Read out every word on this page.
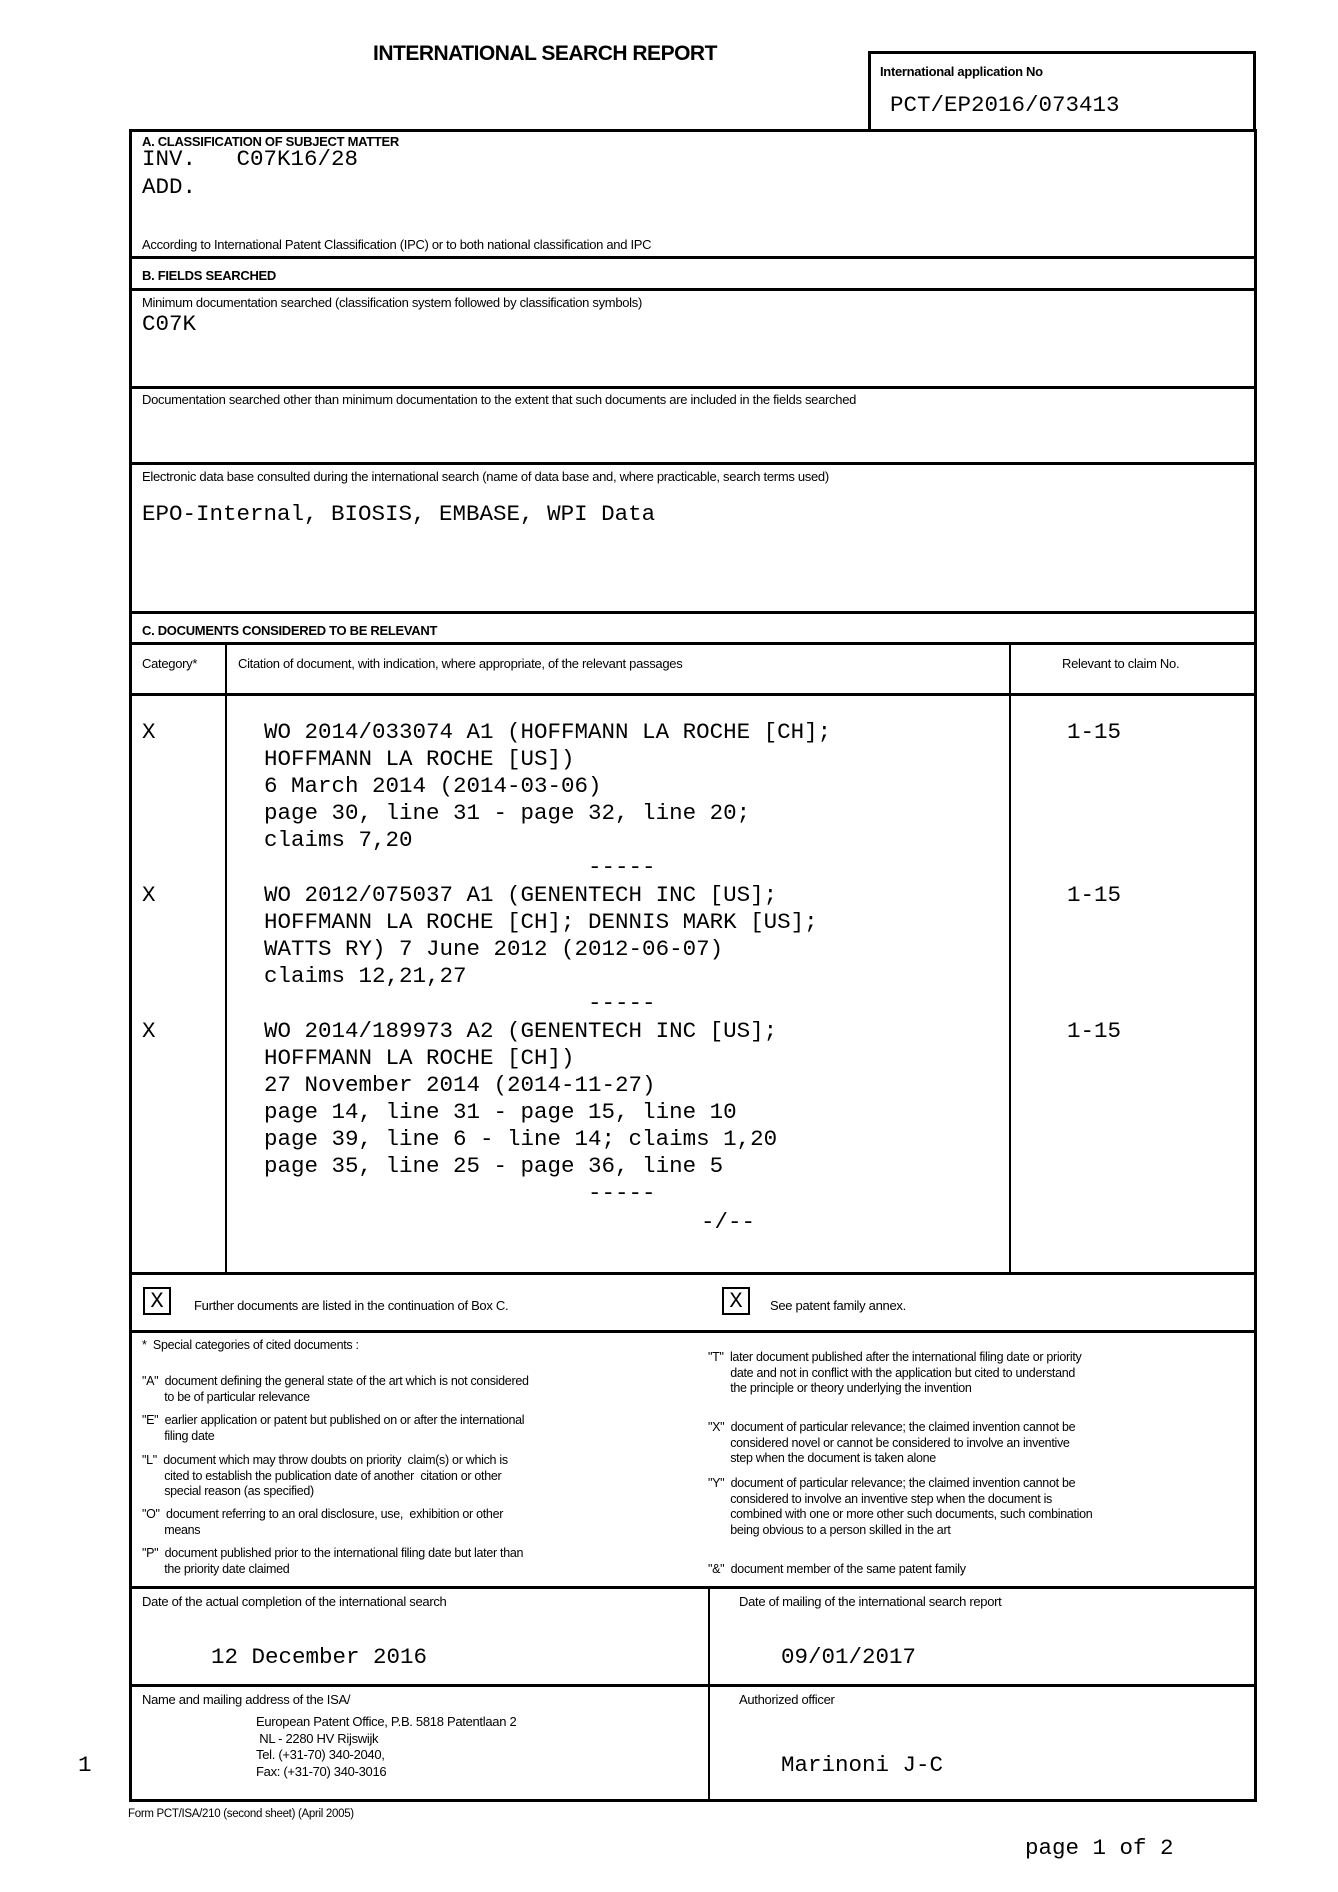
INTERNATIONAL SEARCH REPORT
International application No
PCT/EP2016/073413
A. CLASSIFICATION OF SUBJECT MATTER
INV.   C07K16/28
ADD.
According to International Patent Classification (IPC) or to both national classification and IPC
B. FIELDS SEARCHED
Minimum documentation searched (classification system followed by classification symbols)
C07K
Documentation searched other than minimum documentation to the extent that such documents are included in the fields searched
Electronic data base consulted during the international search (name of data base and, where practicable, search terms used)
EPO-Internal, BIOSIS, EMBASE, WPI Data
C. DOCUMENTS CONSIDERED TO BE RELEVANT
Category*	Citation of document, with indication, where appropriate, of the relevant passages	Relevant to claim No.
X	WO 2014/033074 A1 (HOFFMANN LA ROCHE [CH];
HOFFMANN LA ROCHE [US])
6 March 2014 (2014-03-06)
page 30, line 31 - page 32, line 20;
claims 7,20
-----
1-15
X	WO 2012/075037 A1 (GENENTECH INC [US];
HOFFMANN LA ROCHE [CH]; DENNIS MARK [US];
WATTS RY) 7 June 2012 (2012-06-07)
claims 12,21,27
-----
1-15
X	WO 2014/189973 A2 (GENENTECH INC [US];
HOFFMANN LA ROCHE [CH])
27 November 2014 (2014-11-27)
page 14, line 31 - page 15, line 10
page 39, line 6 - line 14; claims 1,20
page 35, line 25 - page 36, line 5
-----
1-15
-/--
X	Further documents are listed in the continuation of Box C.	X	See patent family annex.
*  Special categories of cited documents :
"A"  document defining the general state of the art which is not considered
to be of particular relevance
"E"  earlier application or patent but published on or after the international
filing date
"L"  document which may throw doubts on priority  claim(s) or which is
cited to establish the publication date of another  citation or other
special reason (as specified)
"O"  document referring to an oral disclosure, use,  exhibition or other
means
"P"  document published prior to the international filing date but later than
the priority date claimed
"T"  later document published after the international filing date or priority
date and not in conflict with the application but cited to understand
the principle or theory underlying the invention
"X"  document of particular relevance; the claimed invention cannot be
considered novel or cannot be considered to involve an inventive
step when the document is taken alone
"Y"  document of particular relevance; the claimed invention cannot be
considered to involve an inventive step when the document is
combined with one or more other such documents, such combination
being obvious to a person skilled in the art
"&"  document member of the same patent family
Date of the actual completion of the international search
12 December 2016
Date of mailing of the international search report
09/01/2017
Name and mailing address of the ISA/
European Patent Office, P.B. 5818 Patentlaan 2
NL - 2280 HV Rijswijk
Tel. (+31-70) 340-2040,
Fax: (+31-70) 340-3016
Authorized officer
Marinoni J-C
1
Form PCT/ISA/210 (second sheet) (April 2005)
page 1 of 2
